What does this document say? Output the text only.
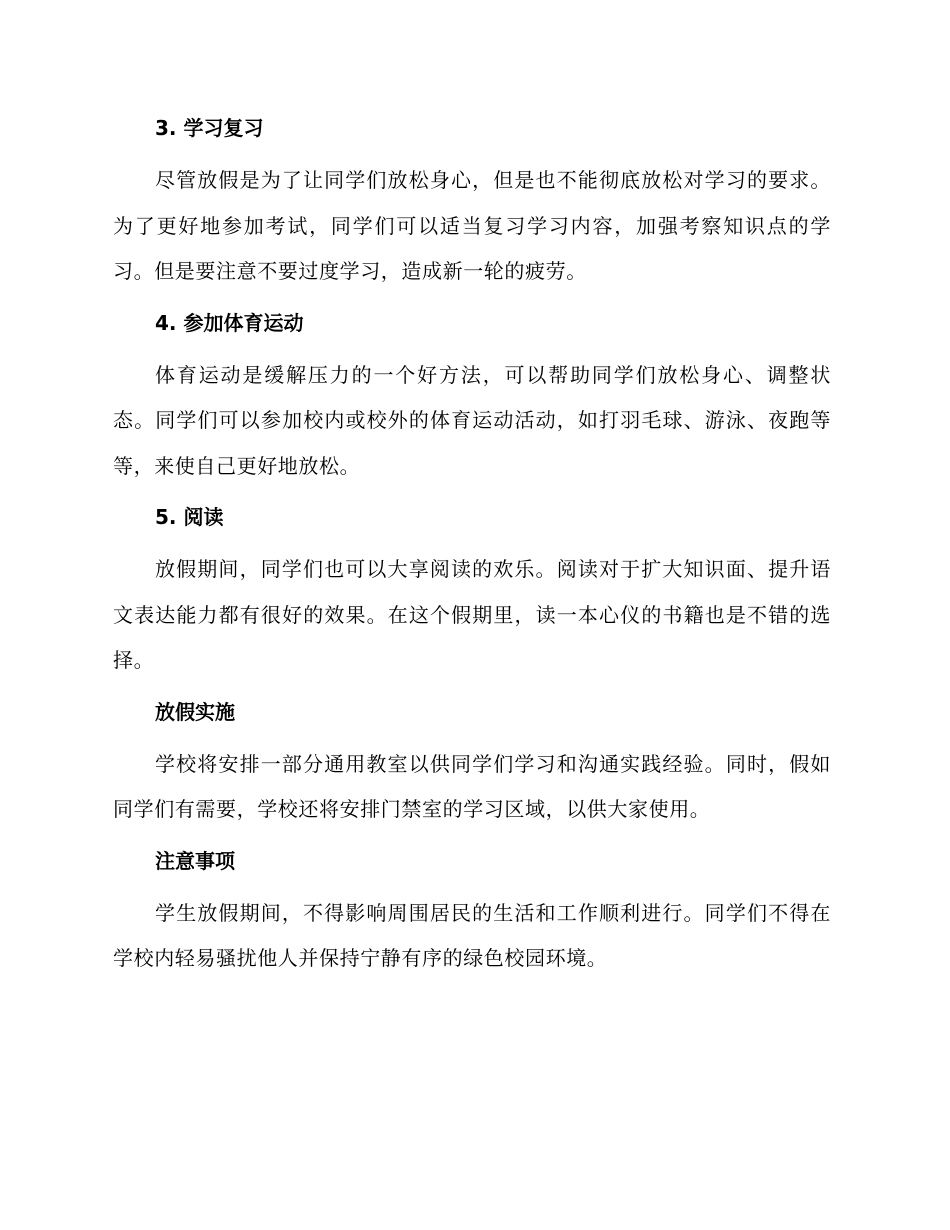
3. 学习复习

尽管放假是为了让同学们放松身心，但是也不能彻底放松对学习的要求。为了更好地参加考试，同学们可以适当复习学习内容，加强考察知识点的学习。但是要注意不要过度学习，造成新一轮的疲劳。

4. 参加体育运动

体育运动是缓解压力的一个好方法，可以帮助同学们放松身心、调整状态。同学们可以参加校内或校外的体育运动活动，如打羽毛球、游泳、夜跑等等，来使自己更好地放松。

5. 阅读

放假期间，同学们也可以大享阅读的欢乐。阅读对于扩大知识面、提升语文表达能力都有很好的效果。在这个假期里，读一本心仪的书籍也是不错的选择。

放假实施

学校将安排一部分通用教室以供同学们学习和沟通实践经验。同时，假如同学们有需要，学校还将安排门禁室的学习区域，以供大家使用。

注意事项

学生放假期间，不得影响周围居民的生活和工作顺利进行。同学们不得在学校内轻易骚扰他人并保持宁静有序的绿色校园环境。
